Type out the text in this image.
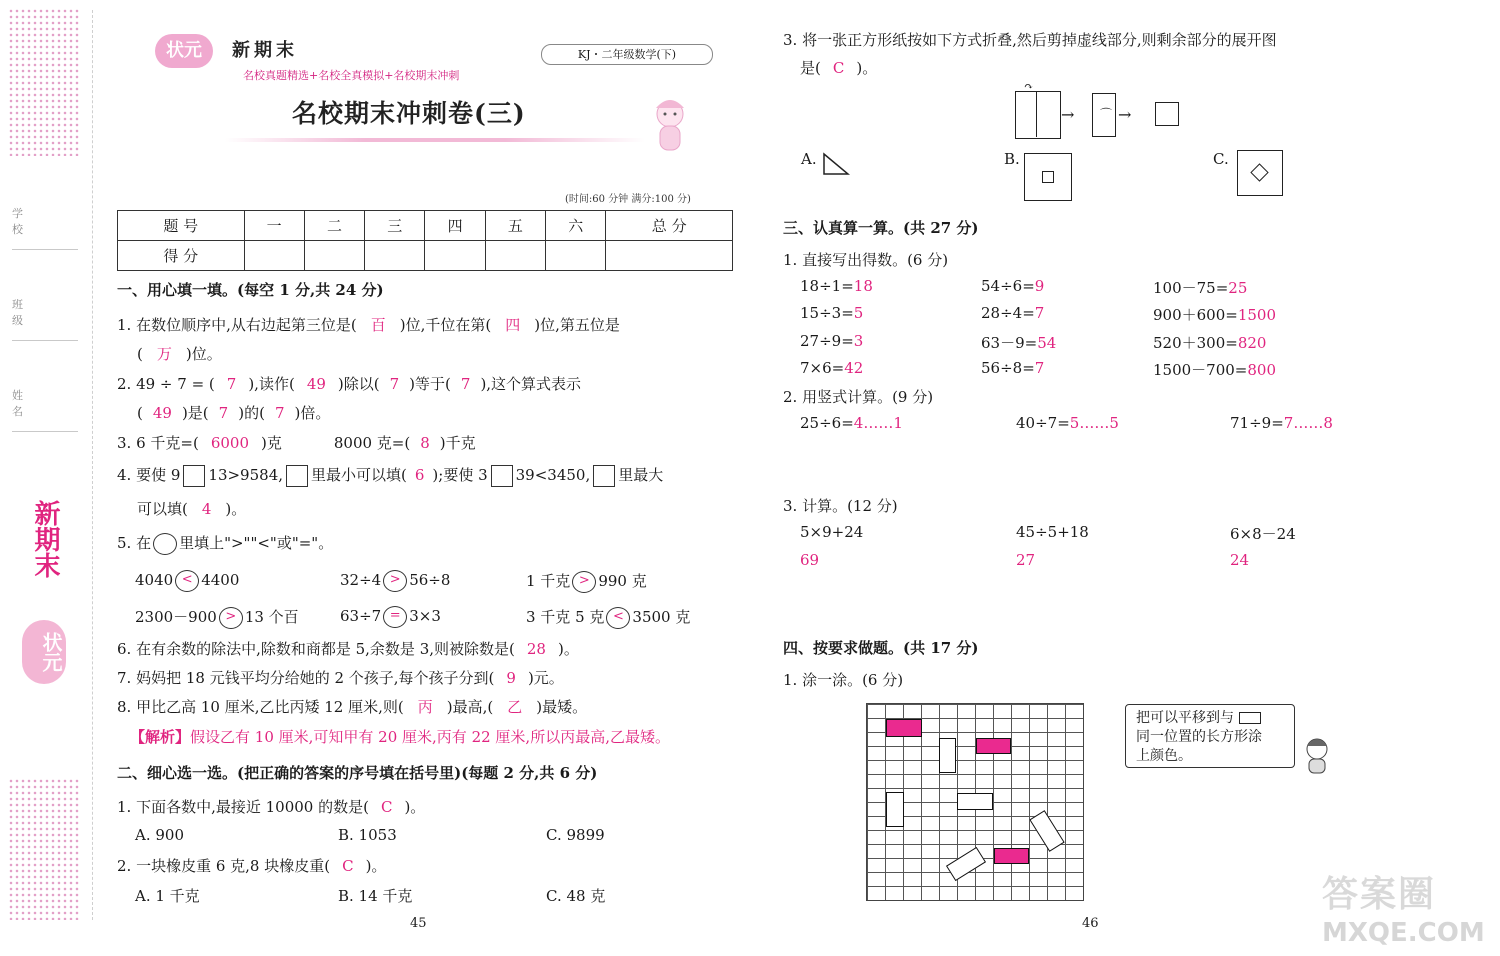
学 校
班 级
姓 名
新期末
状元
状元	新期末
名校真题精选+名校全真模拟+名校期末冲刺
KJ・二年级数学(下)
名校期末冲刺卷(三)
(时间:60 分钟 满分:100 分)
题 号	一	二	三	四	五	六	总 分
得 分							
一、用心填一填。(每空 1 分,共 24 分)
1. 在数位顺序中,从右边起第三位是( 百 )位,千位在第( 四 )位,第五位是
( 万 )位。
2. 49 ÷ 7 = ( 7 ),读作( 49 )除以( 7 )等于( 7 ),这个算式表示
( 49 )是( 7 )的( 7 )倍。
3. 6 千克=( 6000 )克	8000 克=( 8 )千克
4. 要使 9 13>9584, 里最小可以填( 6 );要使 3 39<3450, 里最大
可以填( 4 )。
5. 在 里填上">""<"或"="。
4040 < 4400	32÷4 > 56÷8	1 千克 > 990 克
2300－900 > 13 个百	63÷7 = 3×3	3 千克 5 克 < 3500 克
6. 在有余数的除法中,除数和商都是 5,余数是 3,则被除数是( 28 )。
7. 妈妈把 18 元钱平均分给她的 2 个孩子,每个孩子分到( 9 )元。
8. 甲比乙高 10 厘米,乙比丙矮 12 厘米,则( 丙 )最高,( 乙 )最矮。
【解析】假设乙有 10 厘米,可知甲有 20 厘米,丙有 22 厘米,所以丙最高,乙最矮。
二、细心选一选。(把正确的答案的序号填在括号里)(每题 2 分,共 6 分)
1. 下面各数中,最接近 10000 的数是( C )。
A. 900	B. 1053	C. 9899
2. 一块橡皮重 6 克,8 块橡皮重( C )。
A. 1 千克	B. 14 千克	C. 48 克
45
3. 将一张正方形纸按如下方式折叠,然后剪掉虚线部分,则剩余部分的展开图
是( C )。
↷
→ ⌒ →
A.	B.	C.
三、认真算一算。(共 27 分)
1. 直接写出得数。(6 分)
18÷1=18	54÷6=9	100－75=25
15÷3=5	28÷4=7	900＋600=1500
27÷9=3	63－9=54	520＋300=820
7×6=42	56÷8=7	1500－700=800
2. 用竖式计算。(9 分)
25÷6=4……1	40÷7=5……5	71÷9=7……8
3. 计算。(12 分)
5×9+24	45÷5+18	6×8－24
69	27	24
四、按要求做题。(共 17 分)
1. 涂一涂。(6 分)
把可以平移到与
同一位置的长方形涂
上颜色。
46
答案圈
MXQE.COM
